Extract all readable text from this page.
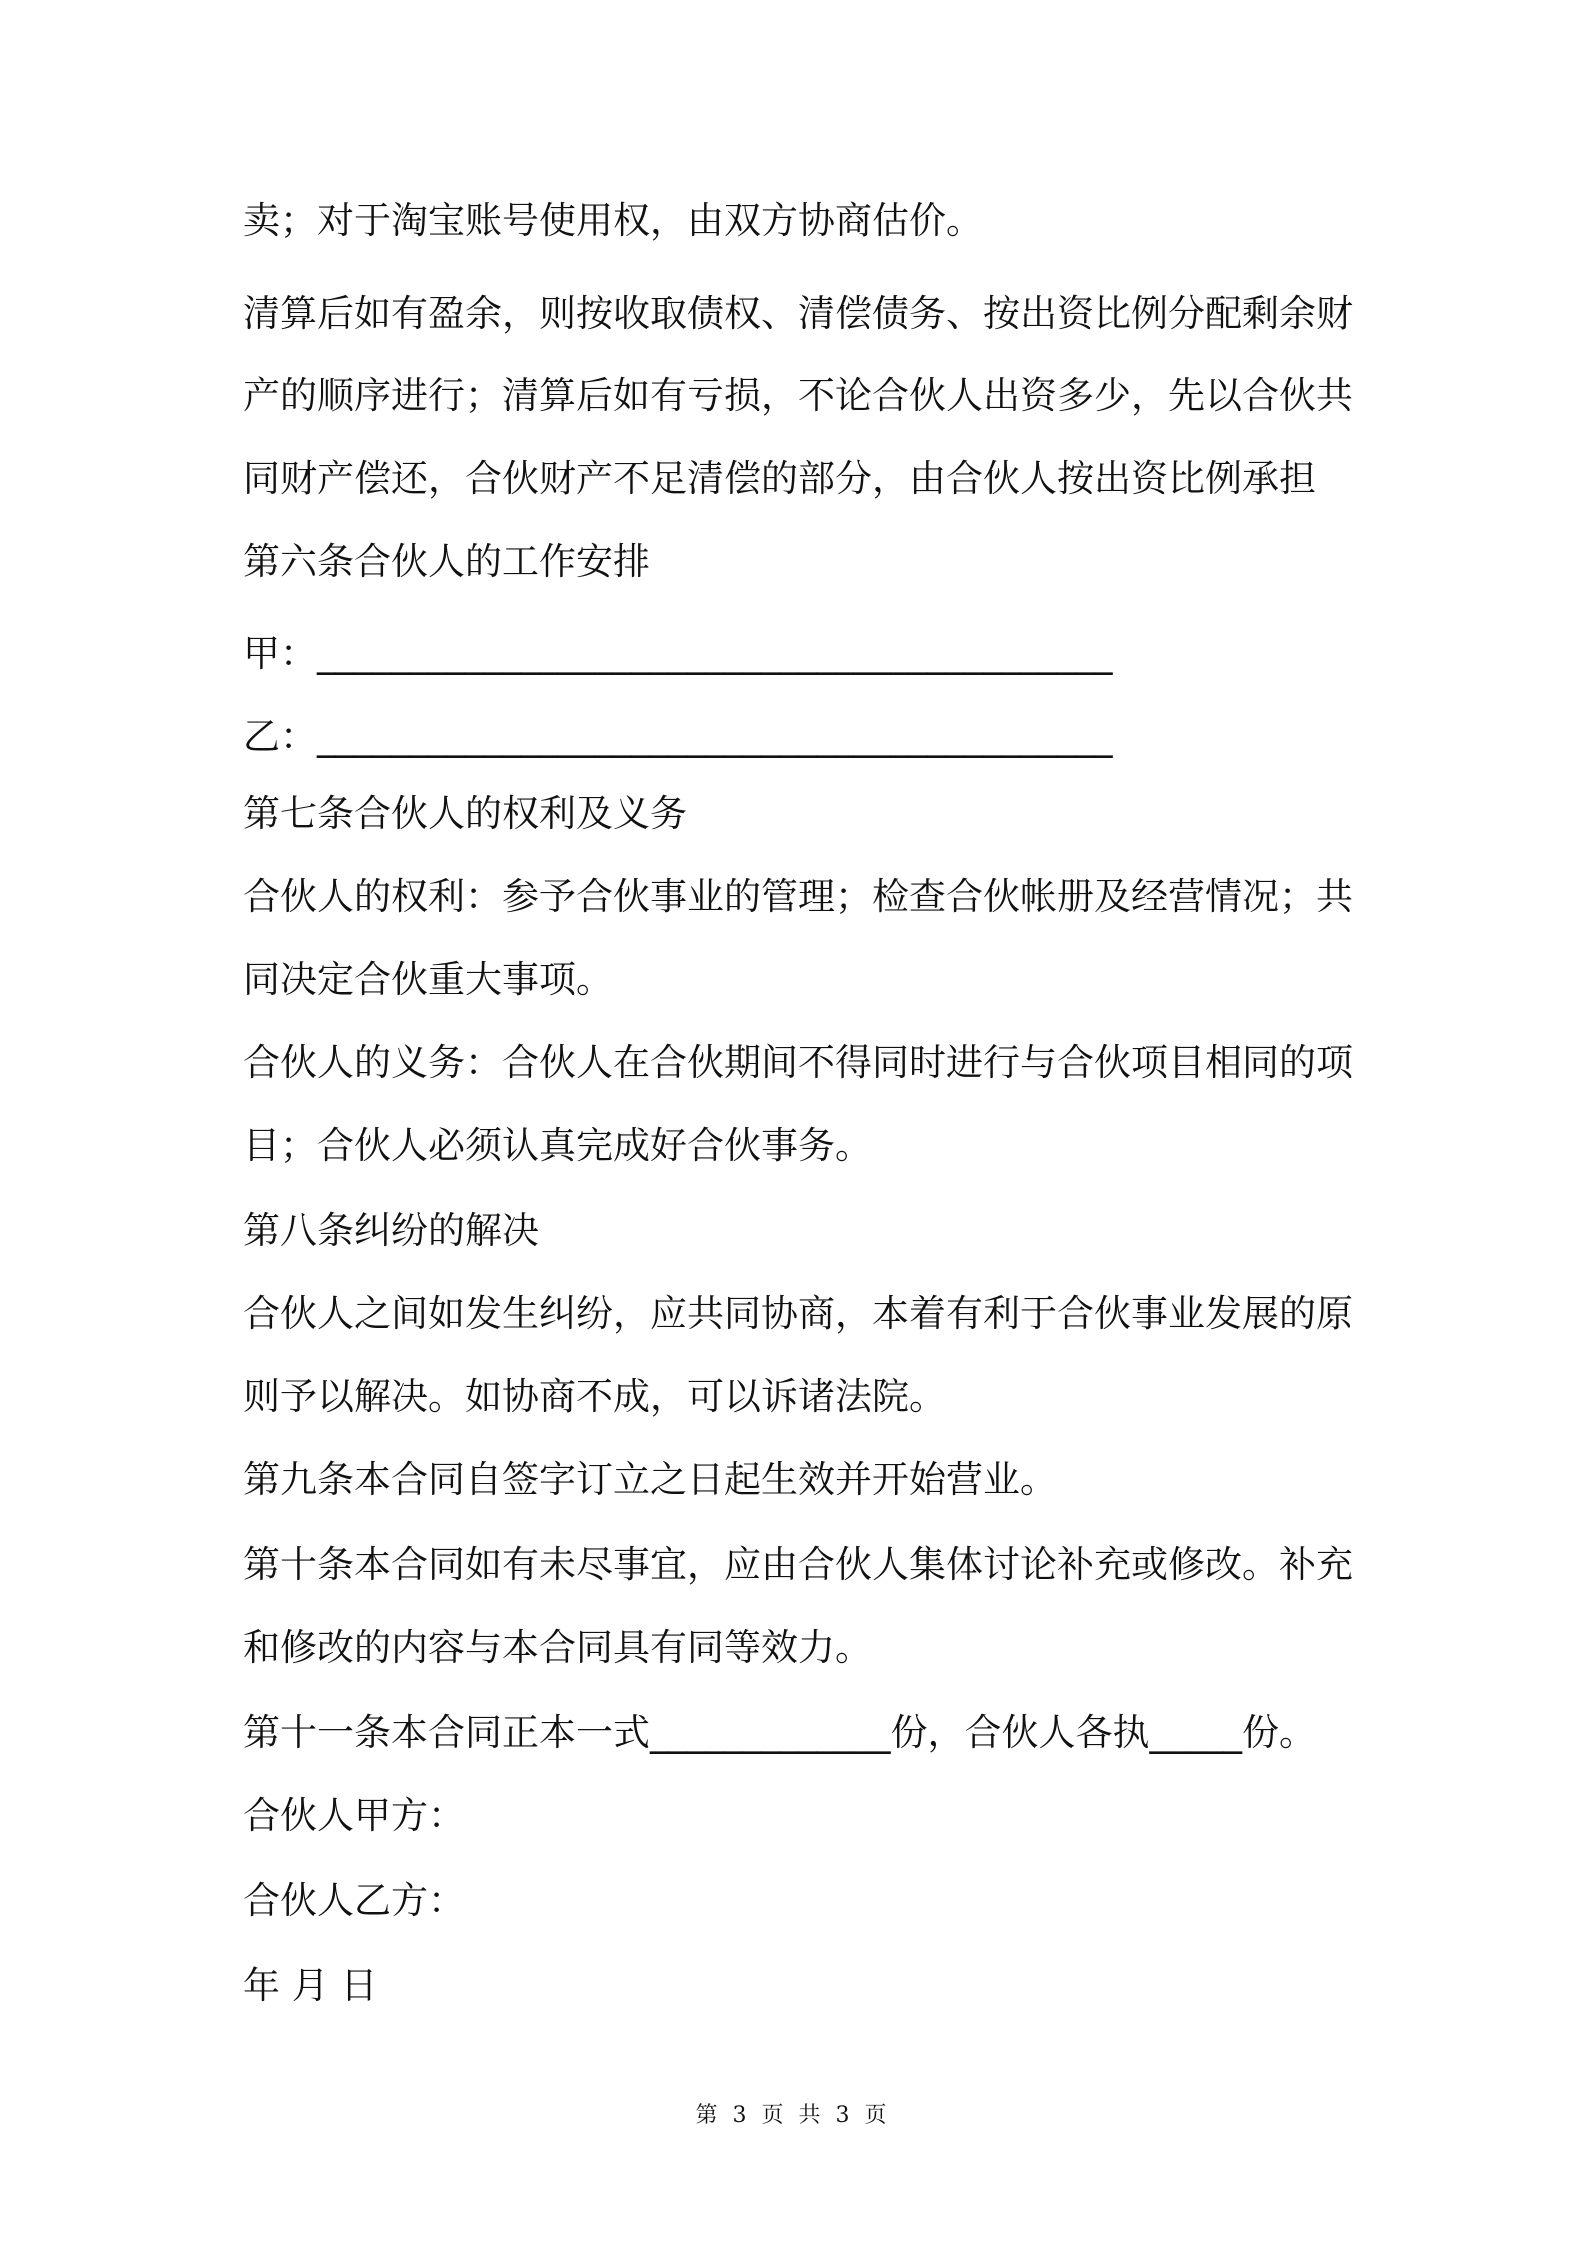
卖；对于淘宝账号使用权，由双方协商估价。
清算后如有盈余，则按收取债权、清偿债务、按出资比例分配剩余财
产的顺序进行；清算后如有亏损，不论合伙人出资多少，先以合伙共
同财产偿还，合伙财产不足清偿的部分，由合伙人按出资比例承担
第六条合伙人的工作安排
甲：___________________________________________
乙：___________________________________________
第七条合伙人的权利及义务
合伙人的权利：参予合伙事业的管理；检查合伙帐册及经营情况；共
同决定合伙重大事项。
合伙人的义务：合伙人在合伙期间不得同时进行与合伙项目相同的项
目；合伙人必须认真完成好合伙事务。
第八条纠纷的解决
合伙人之间如发生纠纷，应共同协商，本着有利于合伙事业发展的原
则予以解决。如协商不成，可以诉诸法院。
第九条本合同自签字订立之日起生效并开始营业。
第十条本合同如有未尽事宜，应由合伙人集体讨论补充或修改。补充
和修改的内容与本合同具有同等效力。
第十一条本合同正本一式_____________份，合伙人各执_____份。
合伙人甲方：
合伙人乙方：
年 月 日
第 3 页 共 3 页
